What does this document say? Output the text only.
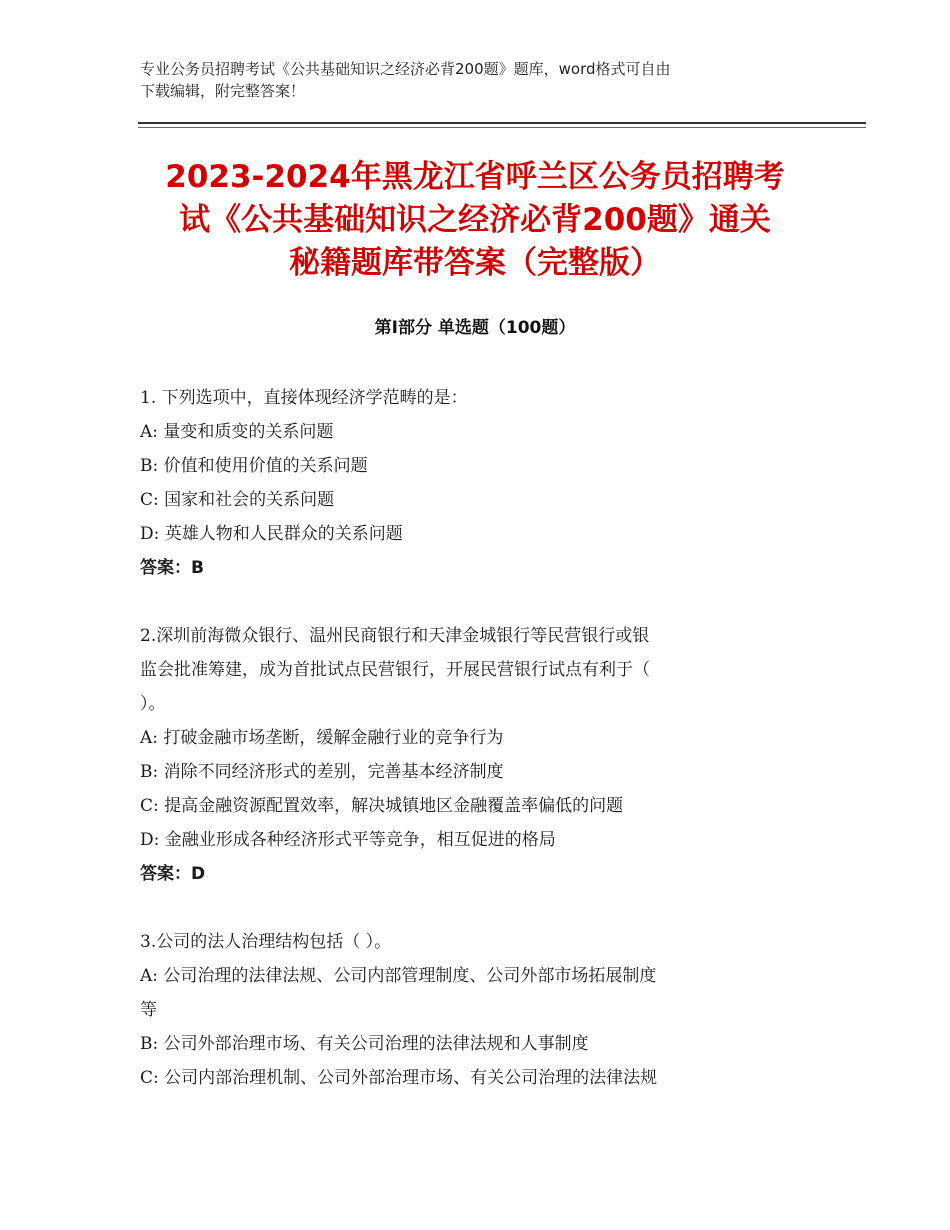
专业公务员招聘考试《公共基础知识之经济必背200题》题库，word格式可自由
下载编辑，附完整答案！
2023-2024年黑龙江省呼兰区公务员招聘考
试《公共基础知识之经济必背200题》通关
秘籍题库带答案（完整版）
第Ⅰ部分 单选题（100题）
1. 下列选项中，直接体现经济学范畴的是：
A: 量变和质变的关系问题
B: 价值和使用价值的关系问题
C: 国家和社会的关系问题
D: 英雄人物和人民群众的关系问题
答案：B
2.深圳前海微众银行、温州民商银行和天津金城银行等民营银行或银
监会批准筹建，成为首批试点民营银行，开展民营银行试点有利于（
）。
A: 打破金融市场垄断，缓解金融行业的竞争行为
B: 消除不同经济形式的差别，完善基本经济制度
C: 提高金融资源配置效率，解决城镇地区金融覆盖率偏低的问题
D: 金融业形成各种经济形式平等竞争，相互促进的格局
答案：D
3.公司的法人治理结构包括（ ）。
A: 公司治理的法律法规、公司内部管理制度、公司外部市场拓展制度
等
B: 公司外部治理市场、有关公司治理的法律法规和人事制度
C: 公司内部治理机制、公司外部治理市场、有关公司治理的法律法规
